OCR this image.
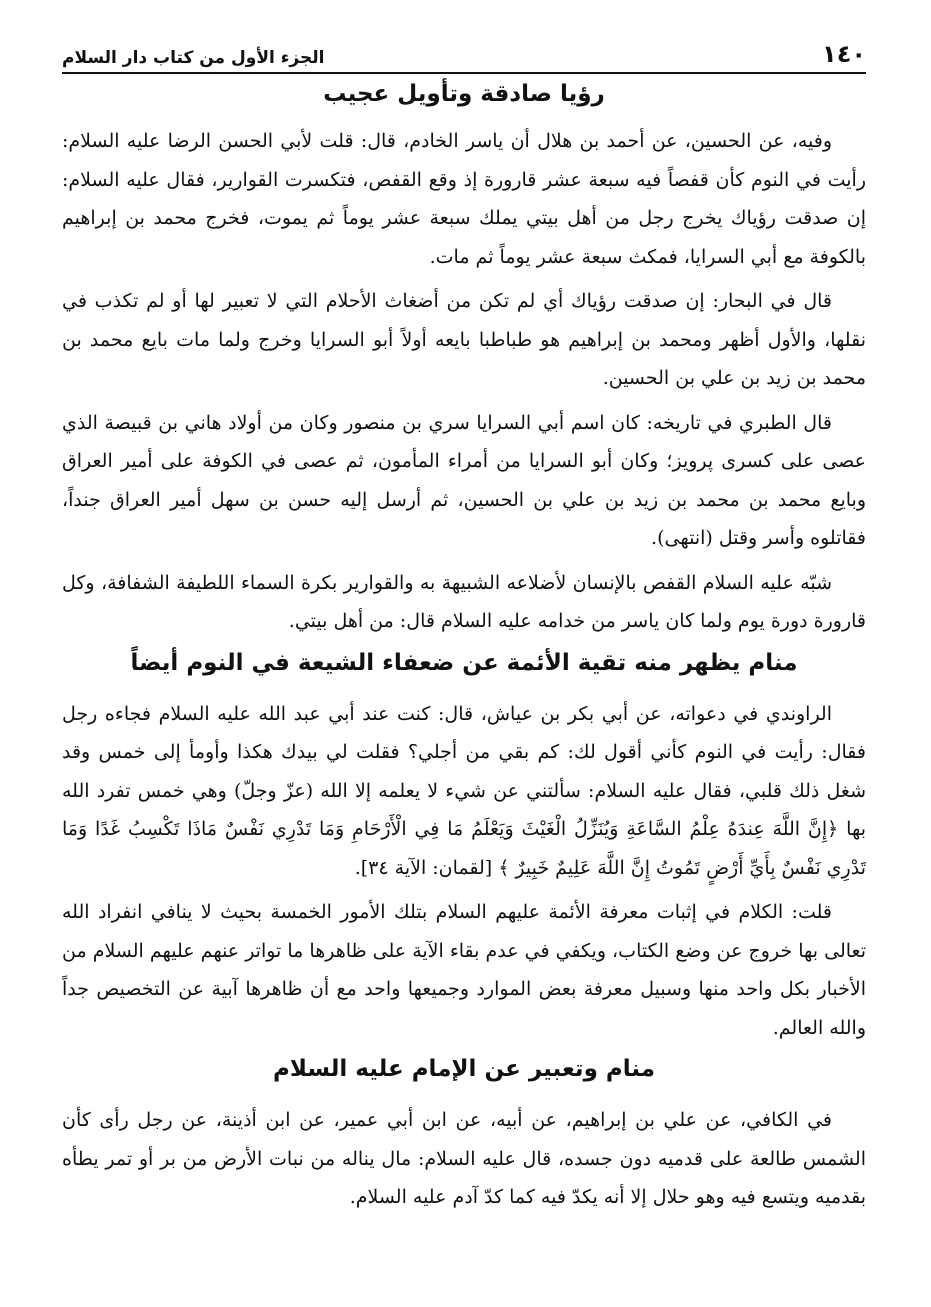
١٤٠
الجزء الأول من كتاب دار السلام
رؤيا صادقة وتأويل عجيب

وفيه، عن الحسين، عن أحمد بن هلال أن ياسر الخادم، قال: قلت لأبي الحسن الرضا عليه السلام: رأيت في النوم كأن قفصاً فيه سبعة عشر قارورة إذ وقع القفص، فتكسرت القوارير، فقال عليه السلام: إن صدقت رؤياك يخرج رجل من أهل بيتي يملك سبعة عشر يوماً ثم يموت، فخرج محمد بن إبراهيم بالكوفة مع أبي السرايا، فمكث سبعة عشر يوماً ثم مات.

قال في البحار: إن صدقت رؤياك أي لم تكن من أضغاث الأحلام التي لا تعبير لها أو لم تكذب في نقلها، والأول أظهر ومحمد بن إبراهيم هو طباطبا بايعه أولاً أبو السرايا وخرج ولما مات بايع محمد بن محمد بن زيد بن علي بن الحسين.

قال الطبري في تاريخه: كان اسم أبي السرايا سري بن منصور وكان من أولاد هاني بن قبيصة الذي عصى على كسرى پرويز؛ وكان أبو السرايا من أمراء المأمون، ثم عصى في الكوفة على أمير العراق وبايع محمد بن محمد بن زيد بن علي بن الحسين، ثم أرسل إليه حسن بن سهل أمير العراق جنداً، فقاتلوه وأسر وقتل (انتهى).

شبّه عليه السلام القفص بالإنسان لأضلاعه الشبيهة به والقوارير بكرة السماء اللطيفة الشفافة، وكل قارورة دورة يوم ولما كان ياسر من خدامه عليه السلام قال: من أهل بيتي.

منام يظهر منه تقية الأئمة عن ضعفاء الشيعة في النوم أيضاً

الراوندي في دعواته، عن أبي بكر بن عياش، قال: كنت عند أبي عبد الله عليه السلام فجاءه رجل فقال: رأيت في النوم كأني أقول لك: كم بقي من أجلي؟ فقلت لي بيدك هكذا وأومأ إلى خمس وقد شغل ذلك قلبي، فقال عليه السلام: سألتني عن شيء لا يعلمه إلا الله (عزّ وجلّ) وهي خمس تفرد الله بها ﴿إِنَّ اللَّهَ عِندَهُ عِلْمُ السَّاعَةِ وَيُنَزِّلُ الْغَيْثَ وَيَعْلَمُ مَا فِي الْأَرْحَامِ وَمَا تَدْرِي نَفْسٌ مَاذَا تَكْسِبُ غَدًا وَمَا تَدْرِي نَفْسٌ بِأَيِّ أَرْضٍ تَمُوتُ إِنَّ اللَّهَ عَلِيمٌ خَبِيرٌ ﴾ [لقمان: الآية ٣٤].

قلت: الكلام في إثبات معرفة الأئمة عليهم السلام بتلك الأمور الخمسة بحيث لا ينافي انفراد الله تعالى بها خروج عن وضع الكتاب، ويكفي في عدم بقاء الآية على ظاهرها ما تواتر عنهم عليهم السلام من الأخبار بكل واحد منها وسبيل معرفة بعض الموارد وجميعها واحد مع أن ظاهرها آبية عن التخصيص جداً والله العالم.

منام وتعبير عن الإمام عليه السلام

في الكافي، عن علي بن إبراهيم، عن أبيه، عن ابن أبي عمير، عن ابن أذينة، عن رجل رأى كأن الشمس طالعة على قدميه دون جسده، قال عليه السلام: مال يناله من نبات الأرض من بر أو تمر يطأه بقدميه ويتسع فيه وهو حلال إلا أنه يكدّ فيه كما كدّ آدم عليه السلام.
